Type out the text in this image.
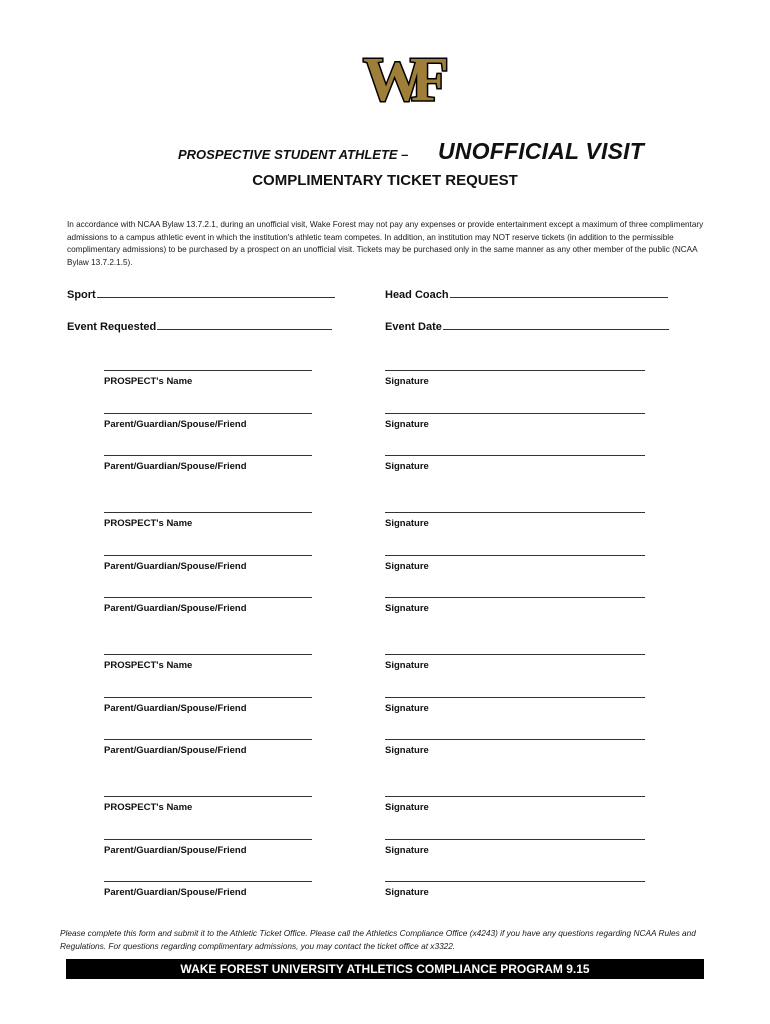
WF
PROSPECTIVE STUDENT ATHLETE – UNOFFICIAL VISIT
COMPLIMENTARY TICKET REQUEST
In accordance with NCAA Bylaw 13.7.2.1, during an unofficial visit, Wake Forest may not pay any expenses or provide entertainment except a maximum of three complimentary admissions to a campus athletic event in which the institution's athletic team competes. In addition, an institution may NOT reserve tickets (in addition to the permissible complimentary admissions) to be purchased by a prospect on an unofficial visit. Tickets may be purchased only in the same manner as any other member of the public (NCAA Bylaw 13.7.2.1.5).
Sport	Head Coach
Event Requested	Event Date
PROSPECT's Name	Signature
Parent/Guardian/Spouse/Friend	Signature
Parent/Guardian/Spouse/Friend	Signature
PROSPECT's Name	Signature
Parent/Guardian/Spouse/Friend	Signature
Parent/Guardian/Spouse/Friend	Signature
PROSPECT's Name	Signature
Parent/Guardian/Spouse/Friend	Signature
Parent/Guardian/Spouse/Friend	Signature
PROSPECT's Name	Signature
Parent/Guardian/Spouse/Friend	Signature
Parent/Guardian/Spouse/Friend	Signature
Please complete this form and submit it to the Athletic Ticket Office. Please call the Athletics Compliance Office (x4243) if you have any questions regarding NCAA Rules and Regulations. For questions regarding complimentary admissions, you may contact the ticket office at x3322.
WAKE FOREST UNIVERSITY ATHLETICS COMPLIANCE PROGRAM 9.15
